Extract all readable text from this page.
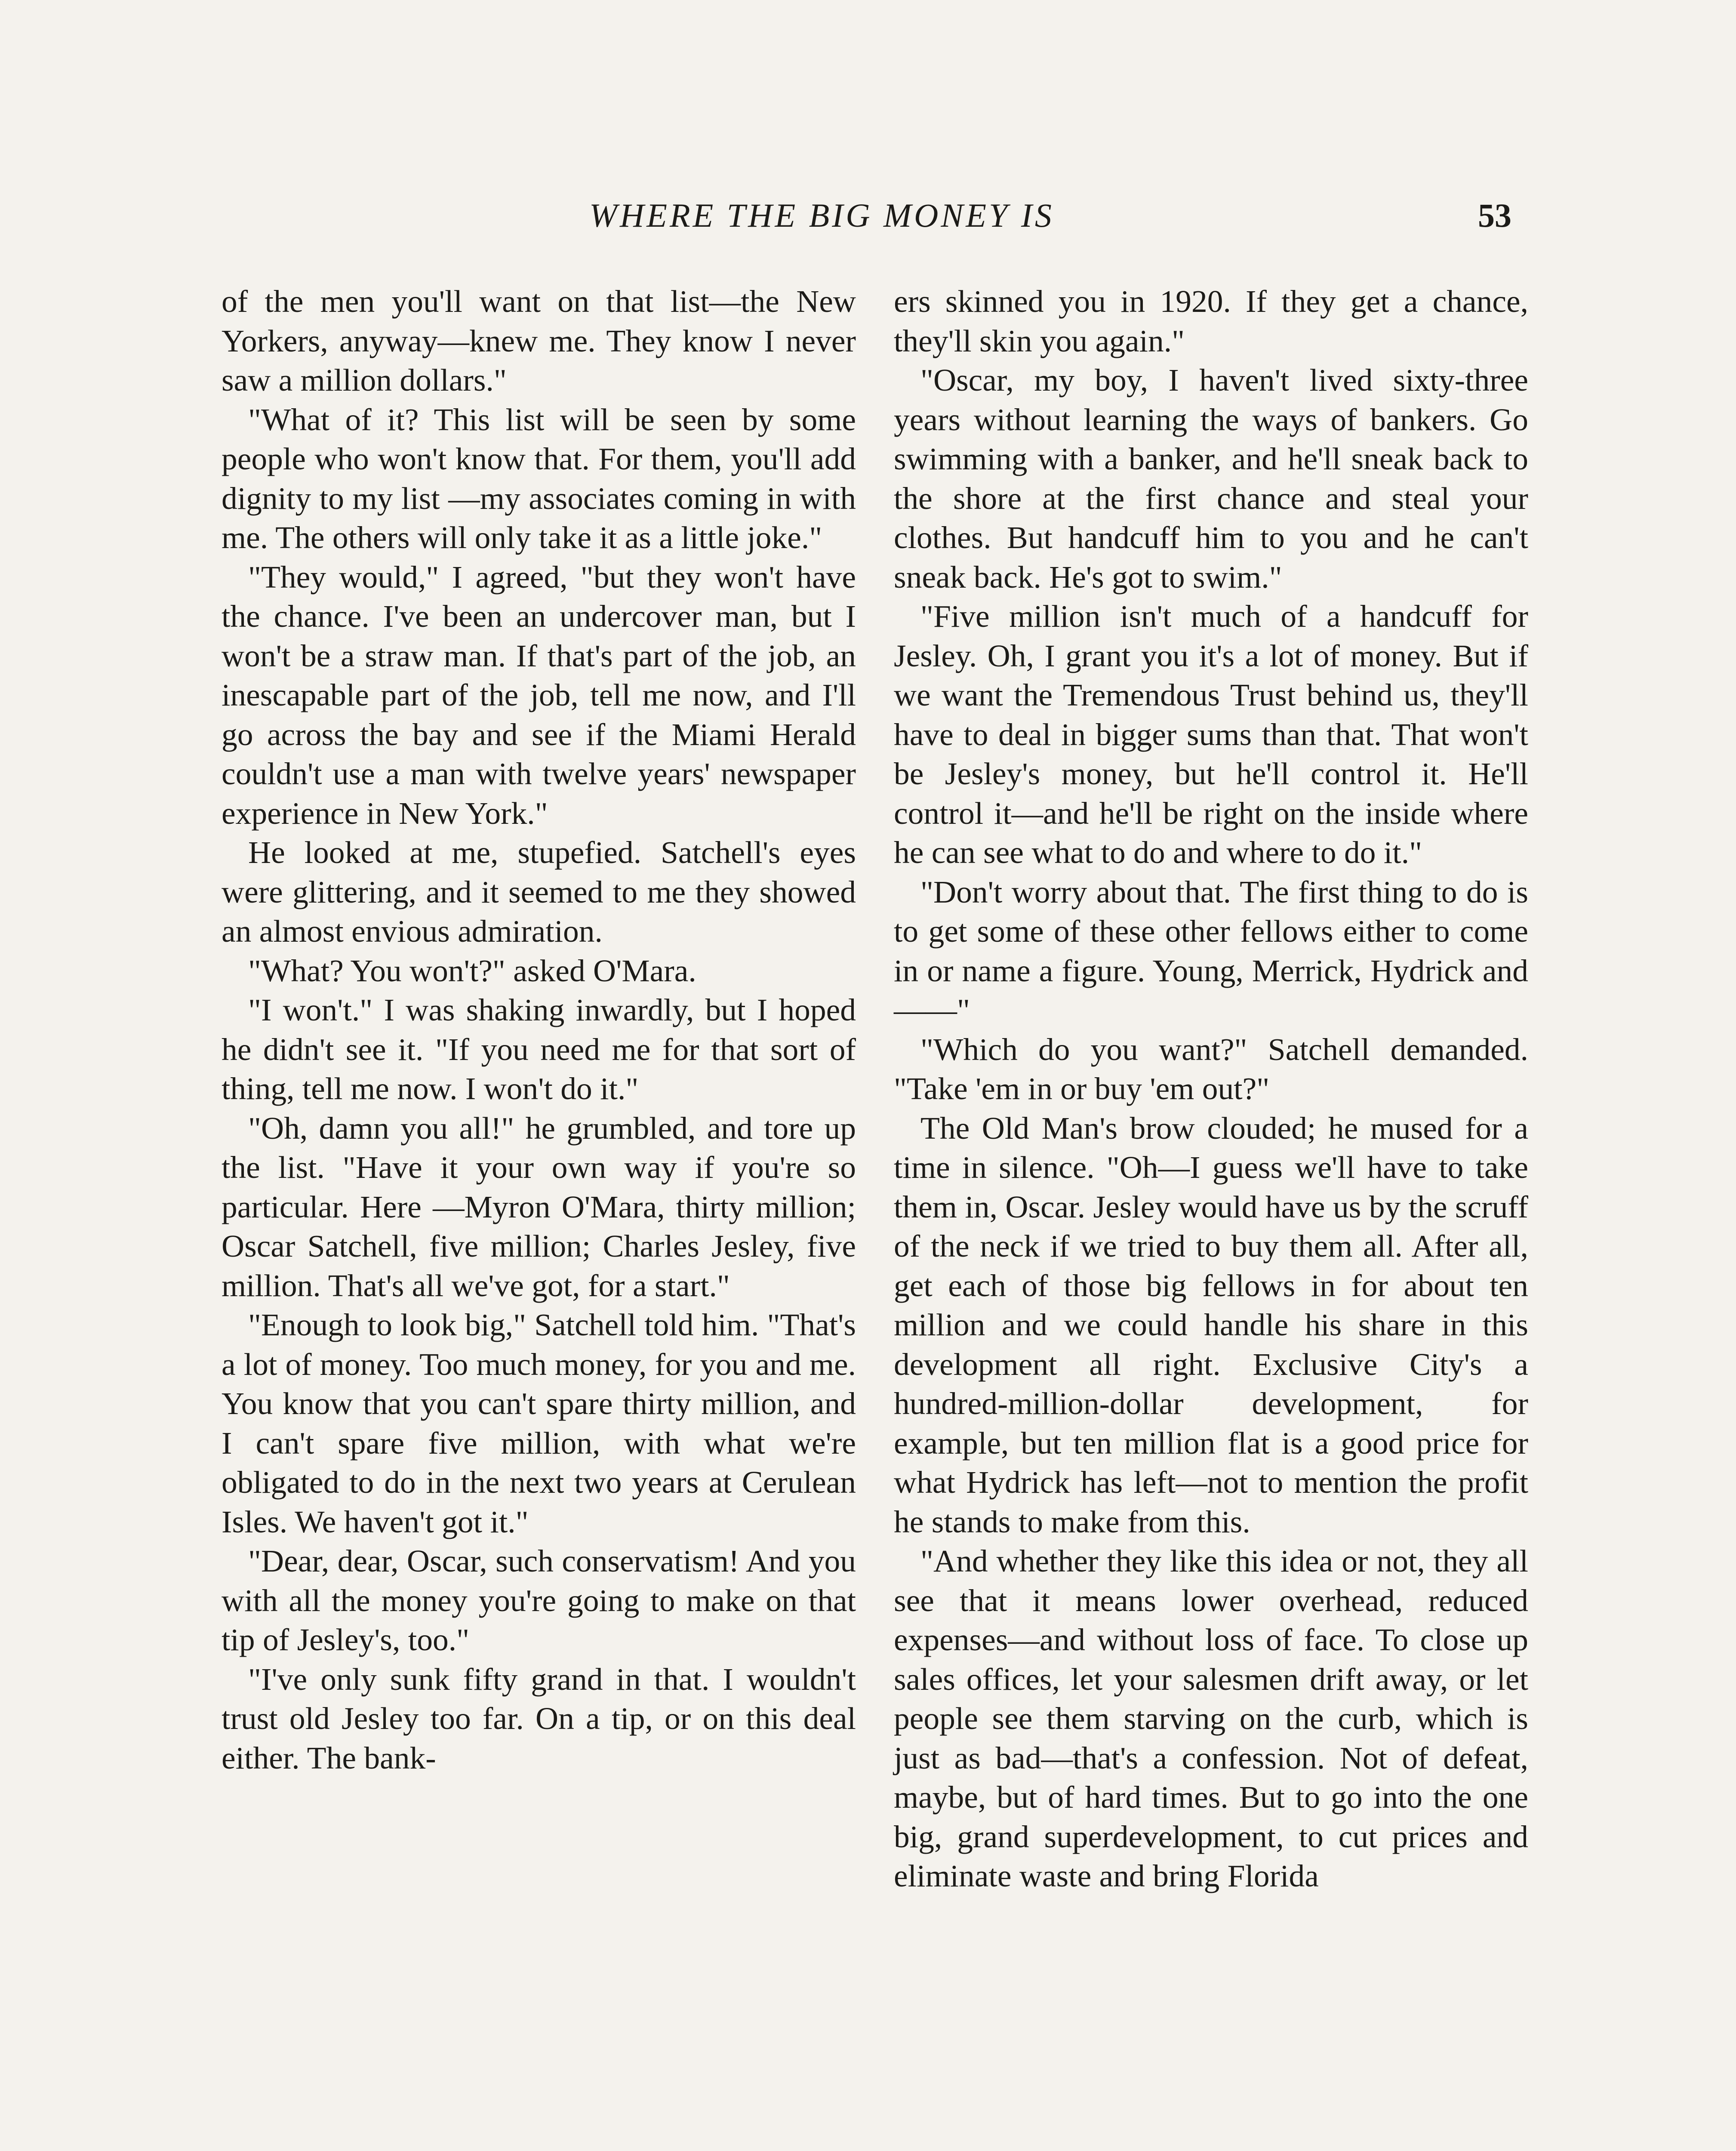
WHERE THE BIG MONEY IS	53

of the men you'll want on that list—the New Yorkers, anyway—knew me. They know I never saw a million dollars."

"What of it? This list will be seen by some people who won't know that. For them, you'll add dignity to my list —my associates coming in with me. The others will only take it as a little joke."

"They would," I agreed, "but they won't have the chance. I've been an undercover man, but I won't be a straw man. If that's part of the job, an inescapable part of the job, tell me now, and I'll go across the bay and see if the Miami Herald couldn't use a man with twelve years' newspaper experience in New York."

He looked at me, stupefied. Satchell's eyes were glittering, and it seemed to me they showed an almost envious admiration.

"What? You won't?" asked O'Mara.

"I won't." I was shaking inwardly, but I hoped he didn't see it. "If you need me for that sort of thing, tell me now. I won't do it."

"Oh, damn you all!" he grumbled, and tore up the list. "Have it your own way if you're so particular. Here —Myron O'Mara, thirty million; Oscar Satchell, five million; Charles Jesley, five million. That's all we've got, for a start."

"Enough to look big," Satchell told him. "That's a lot of money. Too much money, for you and me. You know that you can't spare thirty million, and I can't spare five million, with what we're obligated to do in the next two years at Cerulean Isles. We haven't got it."

"Dear, dear, Oscar, such conservatism! And you with all the money you're going to make on that tip of Jesley's, too."

"I've only sunk fifty grand in that. I wouldn't trust old Jesley too far. On a tip, or on this deal either. The bank-

ers skinned you in 1920. If they get a chance, they'll skin you again."

"Oscar, my boy, I haven't lived sixty-three years without learning the ways of bankers. Go swimming with a banker, and he'll sneak back to the shore at the first chance and steal your clothes. But handcuff him to you and he can't sneak back. He's got to swim."

"Five million isn't much of a handcuff for Jesley. Oh, I grant you it's a lot of money. But if we want the Tremendous Trust behind us, they'll have to deal in bigger sums than that. That won't be Jesley's money, but he'll control it. He'll control it—and he'll be right on the inside where he can see what to do and where to do it."

"Don't worry about that. The first thing to do is to get some of these other fellows either to come in or name a figure. Young, Merrick, Hydrick and——"

"Which do you want?" Satchell demanded. "Take 'em in or buy 'em out?"

The Old Man's brow clouded; he mused for a time in silence. "Oh—I guess we'll have to take them in, Oscar. Jesley would have us by the scruff of the neck if we tried to buy them all. After all, get each of those big fellows in for about ten million and we could handle his share in this development all right. Exclusive City's a hundred-million-dollar development, for example, but ten million flat is a good price for what Hydrick has left—not to mention the profit he stands to make from this.

"And whether they like this idea or not, they all see that it means lower overhead, reduced expenses—and without loss of face. To close up sales offices, let your salesmen drift away, or let people see them starving on the curb, which is just as bad—that's a confession. Not of defeat, maybe, but of hard times. But to go into the one big, grand superdevelopment, to cut prices and eliminate waste and bring Florida
